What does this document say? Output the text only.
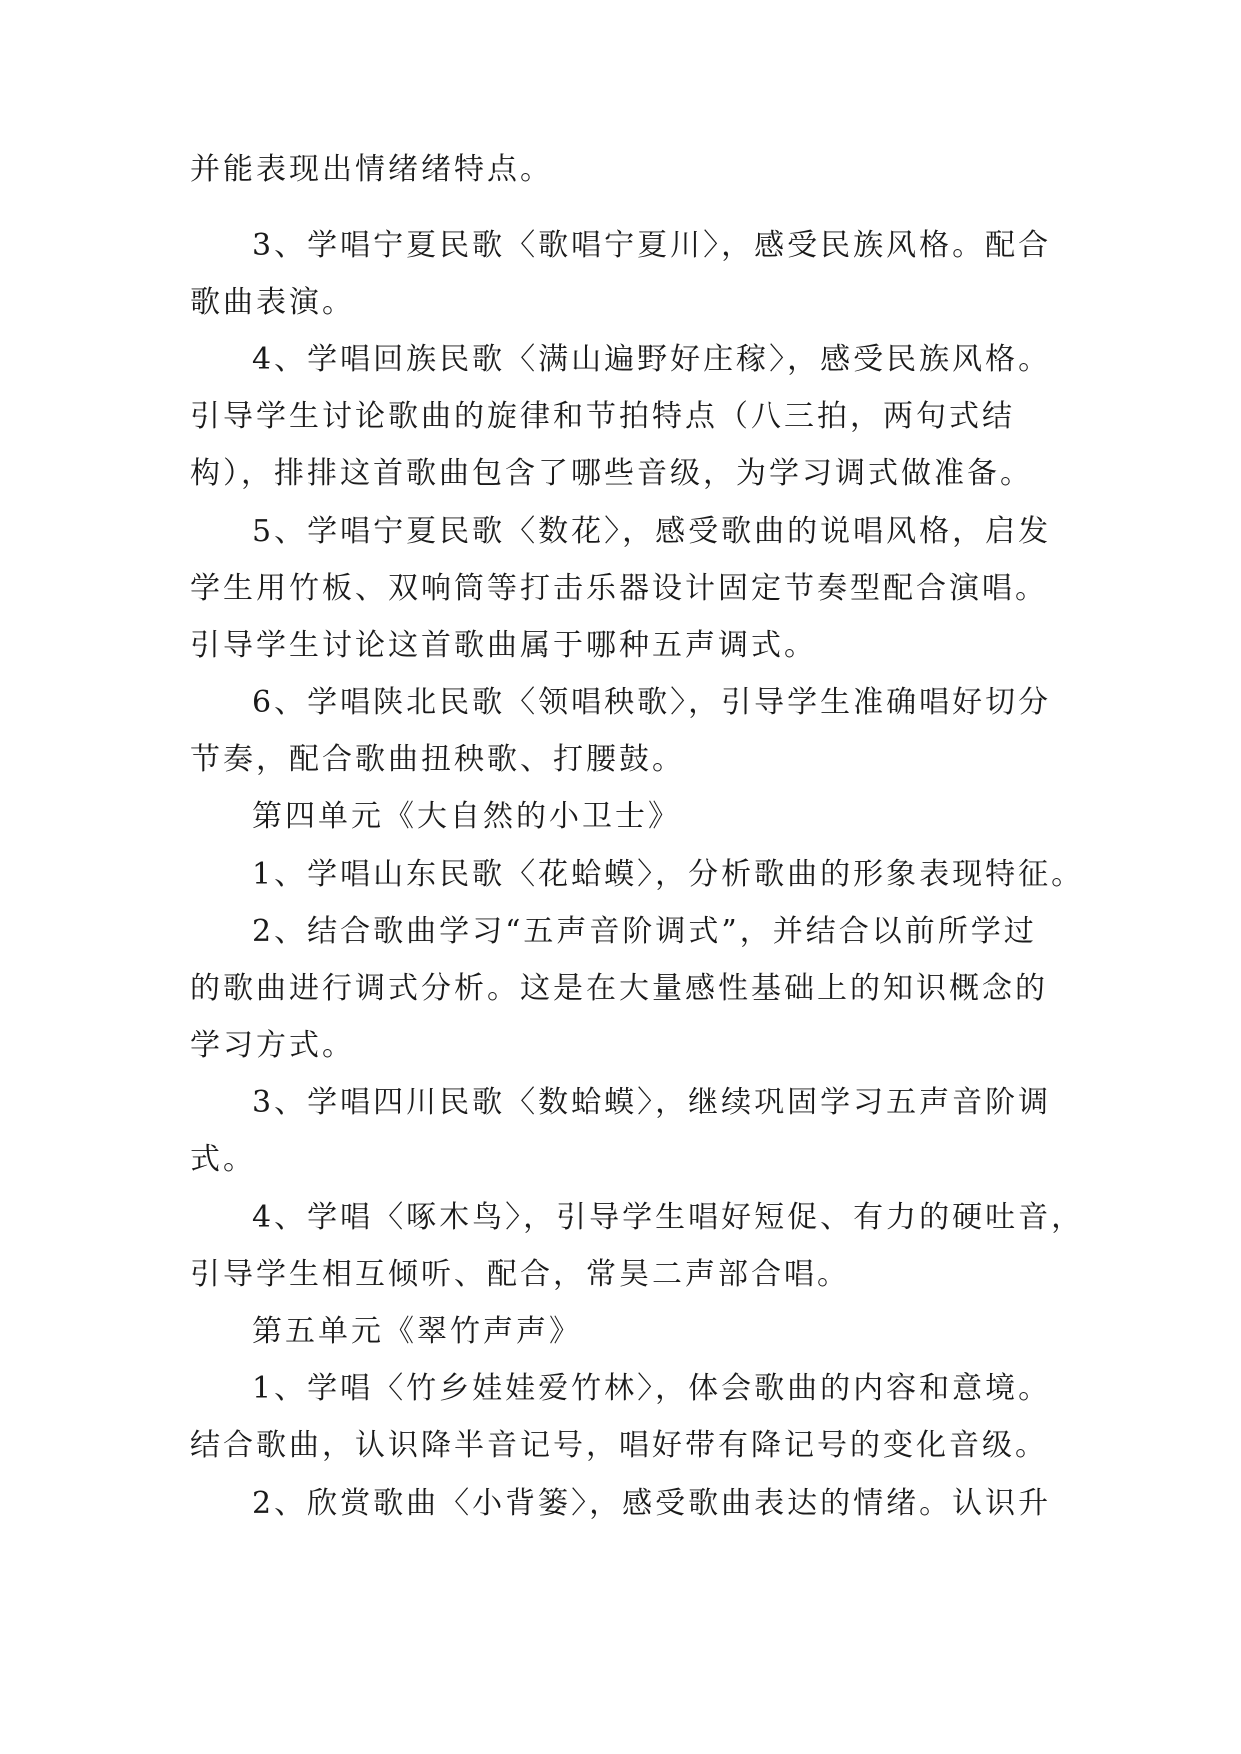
并能表现出情绪绪特点。
3、学唱宁夏民歌〈歌唱宁夏川〉，感受民族风格。配合
歌曲表演。
4、学唱回族民歌〈满山遍野好庄稼〉，感受民族风格。
引导学生讨论歌曲的旋律和节拍特点（八三拍，两句式结
构），排排这首歌曲包含了哪些音级，为学习调式做准备。
5、学唱宁夏民歌〈数花〉，感受歌曲的说唱风格，启发
学生用竹板、双响筒等打击乐器设计固定节奏型配合演唱。
引导学生讨论这首歌曲属于哪种五声调式。
6、学唱陕北民歌〈领唱秧歌〉，引导学生准确唱好切分
节奏，配合歌曲扭秧歌、打腰鼓。
第四单元《大自然的小卫士》
1、学唱山东民歌〈花蛤蟆〉，分析歌曲的形象表现特征。
2、结合歌曲学习“五声音阶调式”，并结合以前所学过
的歌曲进行调式分析。这是在大量感性基础上的知识概念的
学习方式。
3、学唱四川民歌〈数蛤蟆〉，继续巩固学习五声音阶调
式。
4、学唱〈啄木鸟〉，引导学生唱好短促、有力的硬吐音，
引导学生相互倾听、配合，常昊二声部合唱。
第五单元《翠竹声声》
1、学唱〈竹乡娃娃爱竹林〉，体会歌曲的内容和意境。
结合歌曲，认识降半音记号，唱好带有降记号的变化音级。
2、欣赏歌曲〈小背篓〉，感受歌曲表达的情绪。认识升
